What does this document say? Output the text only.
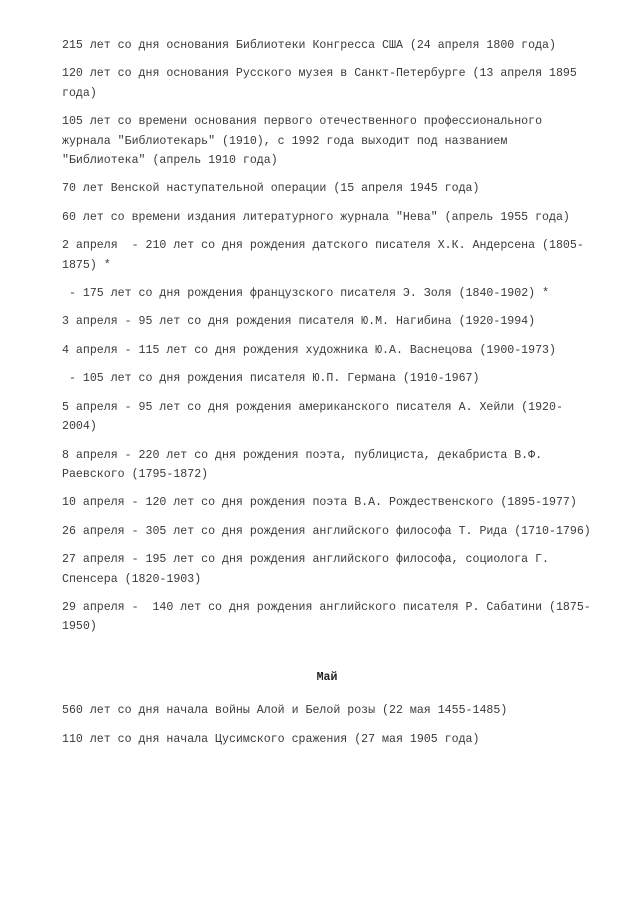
215 лет со дня основания Библиотеки Конгресса США (24 апреля 1800 года)

120 лет со дня основания Русского музея в Санкт-Петербурге (13 апреля 1895 года)

105 лет со времени основания первого отечественного профессионального журнала "Библиотекарь" (1910), с 1992 года выходит под названием "Библиотека" (апрель 1910 года)

70 лет Венской наступательной операции (15 апреля 1945 года)

60 лет со времени издания литературного журнала "Нева" (апрель 1955 года)

2 апреля  - 210 лет со дня рождения датского писателя Х.К. Андерсена (1805-1875) *

- 175 лет со дня рождения французского писателя Э. Золя (1840-1902) *

3 апреля - 95 лет со дня рождения писателя Ю.М. Нагибина (1920-1994)

4 апреля - 115 лет со дня рождения художника Ю.А. Васнецова (1900-1973)

- 105 лет со дня рождения писателя Ю.П. Германа (1910-1967)

5 апреля - 95 лет со дня рождения американского писателя А. Хейли (1920-2004)

8 апреля - 220 лет со дня рождения поэта, публициста, декабриста В.Ф. Раевского (1795-1872)

10 апреля - 120 лет со дня рождения поэта В.А. Рождественского (1895-1977)

26 апреля - 305 лет со дня рождения английского философа Т. Рида (1710-1796)

27 апреля - 195 лет со дня рождения английского философа, социолога Г. Спенсера (1820-1903)

29 апреля -  140 лет со дня рождения английского писателя Р. Сабатини (1875-1950)

Май

560 лет со дня начала войны Алой и Белой розы (22 мая 1455-1485)

110 лет со дня начала Цусимского сражения (27 мая 1905 года)
